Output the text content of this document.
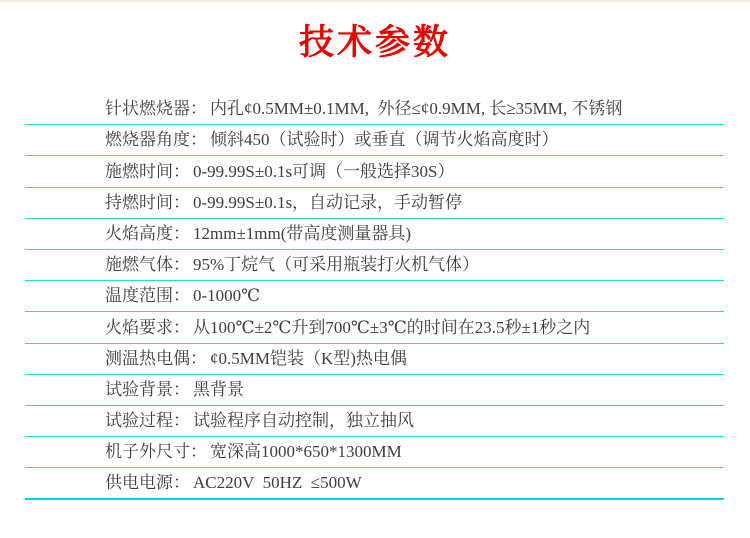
技术参数
针状燃烧器： 内孔¢0.5MM±0.1MM,  外径≤¢0.9MM, 长≥35MM, 不锈钢
燃烧器角度： 倾斜450（试验时）或垂直（调节火焰高度时）
施燃时间： 0-99.99S±0.1s可调（一般选择30S）
持燃时间： 0-99.99S±0.1s，自动记录，手动暂停
火焰高度： 12mm±1mm(带高度测量器具)
施燃气体： 95%丁烷气（可采用瓶装打火机气体）
温度范围： 0-1000℃
火焰要求： 从100℃±2℃升到700℃±3℃的时间在23.5秒±1秒之内
测温热电偶： ¢0.5MM铠装（K型)热电偶
试验背景： 黑背景
试验过程： 试验程序自动控制，独立抽风
机子外尺寸： 宽深高1000*650*1300MM
供电电源： AC220V  50HZ  ≤500W
